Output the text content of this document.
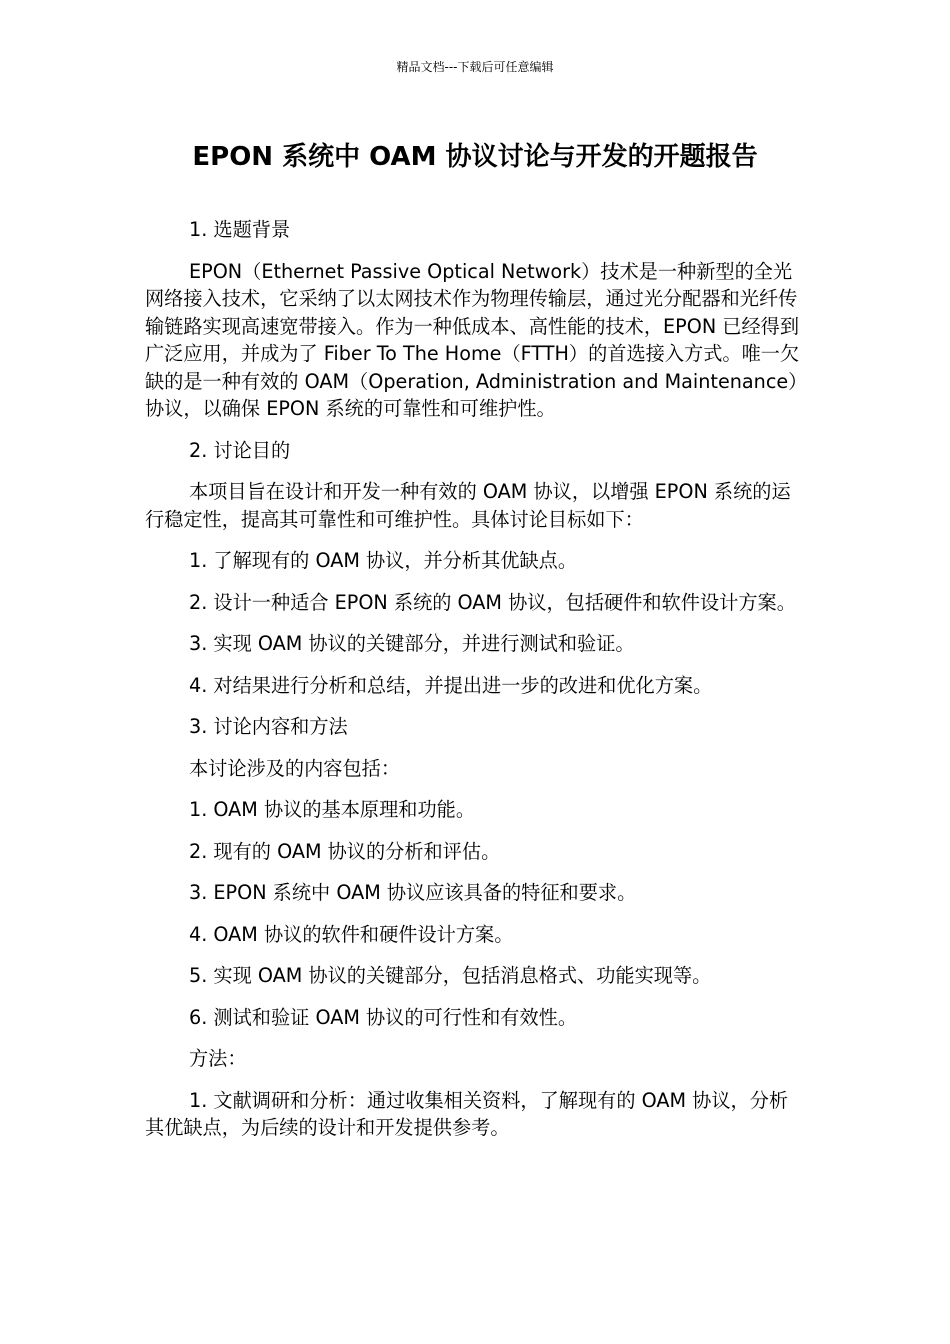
精品文档---下载后可任意编辑
EPON 系统中 OAM 协议讨论与开发的开题报告

1. 选题背景

EPON（Ethernet Passive Optical Network）技术是一种新型的全光网络接入技术，它采纳了以太网技术作为物理传输层，通过光分配器和光纤传输链路实现高速宽带接入。作为一种低成本、高性能的技术，EPON 已经得到广泛应用，并成为了 Fiber To The Home（FTTH）的首选接入方式。唯一欠缺的是一种有效的 OAM（Operation, Administration and Maintenance）协议，以确保 EPON 系统的可靠性和可维护性。

2. 讨论目的

本项目旨在设计和开发一种有效的 OAM 协议，以增强 EPON 系统的运行稳定性，提高其可靠性和可维护性。具体讨论目标如下：

1. 了解现有的 OAM 协议，并分析其优缺点。

2. 设计一种适合 EPON 系统的 OAM 协议，包括硬件和软件设计方案。

3. 实现 OAM 协议的关键部分，并进行测试和验证。

4. 对结果进行分析和总结，并提出进一步的改进和优化方案。

3. 讨论内容和方法

本讨论涉及的内容包括：

1. OAM 协议的基本原理和功能。

2. 现有的 OAM 协议的分析和评估。

3. EPON 系统中 OAM 协议应该具备的特征和要求。

4. OAM 协议的软件和硬件设计方案。

5. 实现 OAM 协议的关键部分，包括消息格式、功能实现等。

6. 测试和验证 OAM 协议的可行性和有效性。

方法：

1. 文献调研和分析：通过收集相关资料，了解现有的 OAM 协议，分析其优缺点，为后续的设计和开发提供参考。
